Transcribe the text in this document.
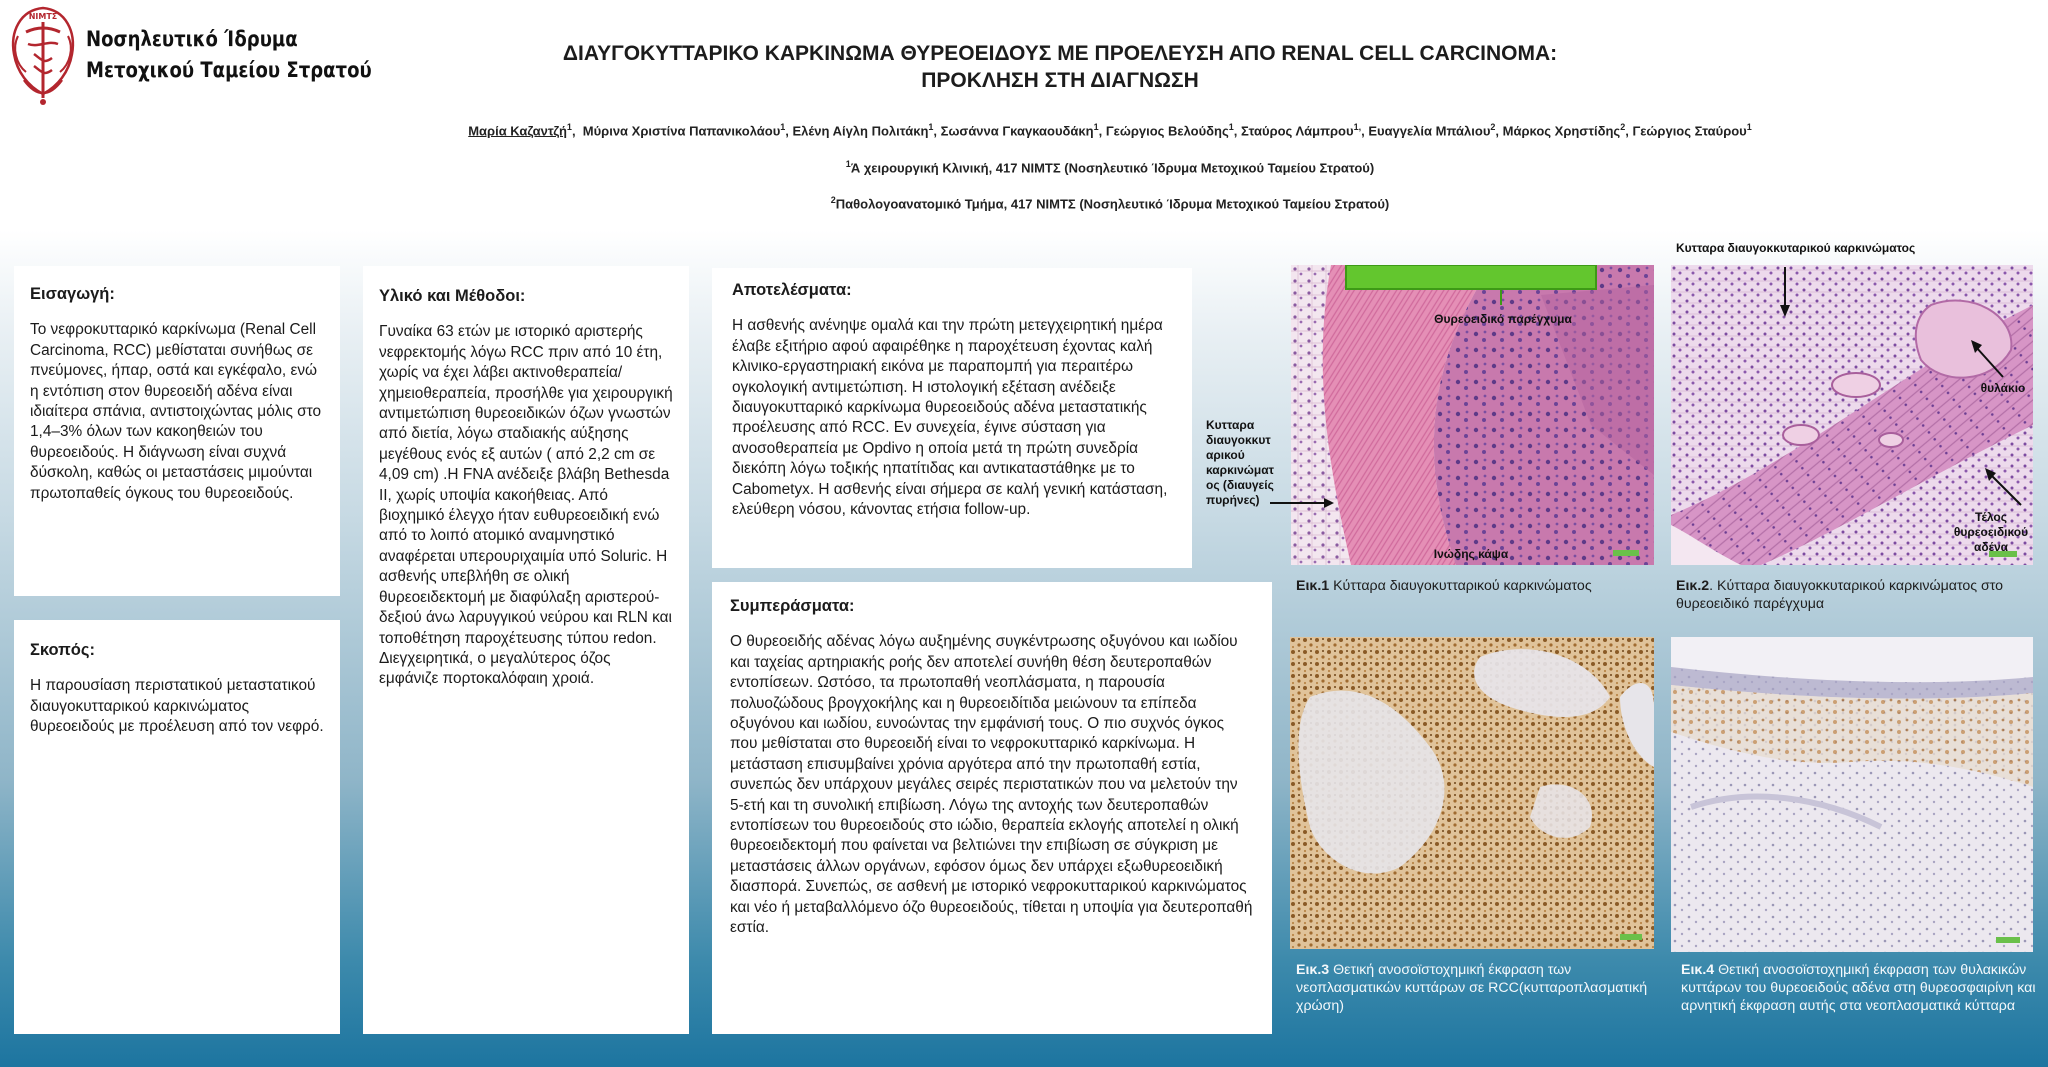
ΝΙΜΤΣ
Νοσηλευτικό Ίδρυμα
Μετοχικού Ταμείου Στρατού
ΔΙΑΥΓΟΚΥΤΤΑΡΙΚΟ ΚΑΡΚΙΝΩΜΑ ΘΥΡΕΟΕΙΔΟΥΣ ΜΕ ΠΡΟΕΛΕΥΣΗ ΑΠΟ RENAL CELL CARCINOMA:
ΠΡΟΚΛΗΣΗ ΣΤΗ ΔΙΑΓΝΩΣΗ
Μαρία Καζαντζή$^1$,  Μύρινα Χριστίνα Παπανικολάου$^1$, Ελένη Αίγλη Πολιτάκη$^1$, Σωσάννα Γκαγκαουδάκη$^1$, Γεώργιος Βελούδης$^1$, Σταύρος Λάμπρου$^{1,}$, Ευαγγελία Μπάλιου$^2$, Μάρκος Χρηστίδης$^2$, Γεώργιος Σταύρου$^1$
$^1$Ά χειρουργική Κλινική, 417 ΝΙΜΤΣ (Νοσηλευτικό Ίδρυμα Μετοχικού Ταμείου Στρατού)
$^2$Παθολογοανατομικό Τμήμα, 417 ΝΙΜΤΣ (Νοσηλευτικό Ίδρυμα Μετοχικού Ταμείου Στρατού)
Εισαγωγή:

Το νεφροκυτταρικό καρκίνωμα (Renal Cell Carcinoma, RCC) μεθίσταται συνήθως σε πνεύμονες, ήπαρ, οστά και εγκέφαλο, ενώ η εντόπιση στον θυρεοειδή αδένα είναι ιδιαίτερα σπάνια, αντιστοιχώντας μόλις στο 1,4–3% όλων των κακοηθειών του θυρεοειδούς. Η διάγνωση είναι συχνά δύσκολη, καθώς οι μεταστάσεις μιμούνται πρωτοπαθείς όγκους του θυρεοειδούς.

Σκοπός:

Η παρουσίαση περιστατικού μεταστατικού διαυγοκυτταρικού καρκινώματος θυρεοειδούς με προέλευση από τον νεφρό.

Υλικό και Μέθοδοι:

Γυναίκα 63 ετών με ιστορικό αριστερής νεφρεκτομής λόγω RCC πριν από 10 έτη, χωρίς να έχει λάβει ακτινοθεραπεία/χημειοθεραπεία, προσήλθε για χειρουργική αντιμετώπιση θυρεοειδικών όζων γνωστών από διετία, λόγω σταδιακής αύξησης μεγέθους ενός εξ αυτών ( από 2,2 cm σε 4,09 cm) .Η FNA ανέδειξε βλάβη Bethesda II, χωρίς υποψία κακοήθειας. Από βιοχημικό έλεγχο ήταν ευθυρεοειδική ενώ από το λοιπό ατομικό αναμνηστικό αναφέρεται υπερουριχαιμία υπό Soluric. Η ασθενής υπεβλήθη σε ολική θυρεοειδεκτομή με διαφύλαξη αριστερού-δεξιού άνω λαρυγγικού νεύρου και RLN και τοποθέτηση παροχέτευσης τύπου redon. Διεγχειρητικά, ο μεγαλύτερος όζος εμφάνιζε πορτοκαλόφαιη χροιά.

Αποτελέσματα:

Η ασθενής ανένηψε ομαλά και την πρώτη μετεγχειρητική ημέρα έλαβε εξιτήριο αφού αφαιρέθηκε η παροχέτευση έχοντας καλή κλινικο-εργαστηριακή εικόνα με παραπομπή για περαιτέρω ογκολογική αντιμετώπιση. Η ιστολογική εξέταση ανέδειξε διαυγοκυτταρικό καρκίνωμα θυρεοειδούς αδένα μεταστατικής προέλευσης από RCC. Εν συνεχεία, έγινε σύσταση για ανοσοθεραπεία με Opdivo η οποία μετά τη πρώτη συνεδρία διεκόπη λόγω τοξικής ηπατίτιδας και αντικαταστάθηκε με το Cabometyx. Η ασθενής είναι σήμερα σε καλή γενική κατάσταση, ελεύθερη νόσου, κάνοντας ετήσια follow-up.

Συμπεράσματα:

Ο θυρεοειδής αδένας λόγω αυξημένης συγκέντρωσης οξυγόνου και ιωδίου και ταχείας αρτηριακής ροής δεν αποτελεί συνήθη θέση δευτεροπαθών εντοπίσεων. Ωστόσο, τα πρωτοπαθή νεοπλάσματα, η παρουσία πολυοζώδους βρογχοκήλης και η θυρεοειδίτιδα μειώνουν τα επίπεδα οξυγόνου και ιωδίου, ευνοώντας την εμφάνισή τους. Ο πιο συχνός όγκος που μεθίσταται στο θυρεοειδή είναι το νεφροκυτταρικό καρκίνωμα. Η μετάσταση επισυμβαίνει χρόνια αργότερα από την πρωτοπαθή εστία, συνεπώς δεν υπάρχουν μεγάλες σειρές περιστατικών που να μελετούν την 5-ετή και τη συνολική επιβίωση. Λόγω της αντοχής των δευτεροπαθών εντοπίσεων του θυρεοειδούς στο ιώδιο, θεραπεία εκλογής αποτελεί η ολική θυρεοειδεκτομή που φαίνεται να βελτιώνει την επιβίωση σε σύγκριση με μεταστάσεις άλλων οργάνων, εφόσον όμως δεν υπάρχει εξωθυρεοειδική διασπορά. Συνεπώς, σε ασθενή με ιστορικό νεφροκυτταρικού καρκινώματος και νέο ή μεταβαλλόμενο όζο θυρεοειδούς, τίθεται η υποψία για δευτεροπαθή εστία.

Θυρεοειδικό παρέγχυμα
Ινώδης κάψα
Κυτταρα διαυγοκκυτ αρικού καρκινώματ ος (διαυγείς πυρήνες)
Εικ.1 Κύτταρα διαυγοκυτταρικού καρκινώματος
Κυτταρα διαυγοκκυταρικού καρκινώματος
θυλάκιο
Τέλος θυρεοειδικού αδένα
Εικ.2. Κύτταρα διαυγοκκυταρικού καρκινώματος στο θυρεοειδικό παρέγχυμα
Εικ.3 Θετική ανοσοϊστοχημική έκφραση των νεοπλασματικών κυττάρων σε RCC(κυτταροπλασματική χρώση)
Εικ.4 Θετική ανοσοϊστοχημική έκφραση των θυλακικών κυττάρων του θυρεοειδούς αδένα στη θυρεοσφαιρίνη και αρνητική έκφραση αυτής στα νεοπλασματικά κύτταρα
